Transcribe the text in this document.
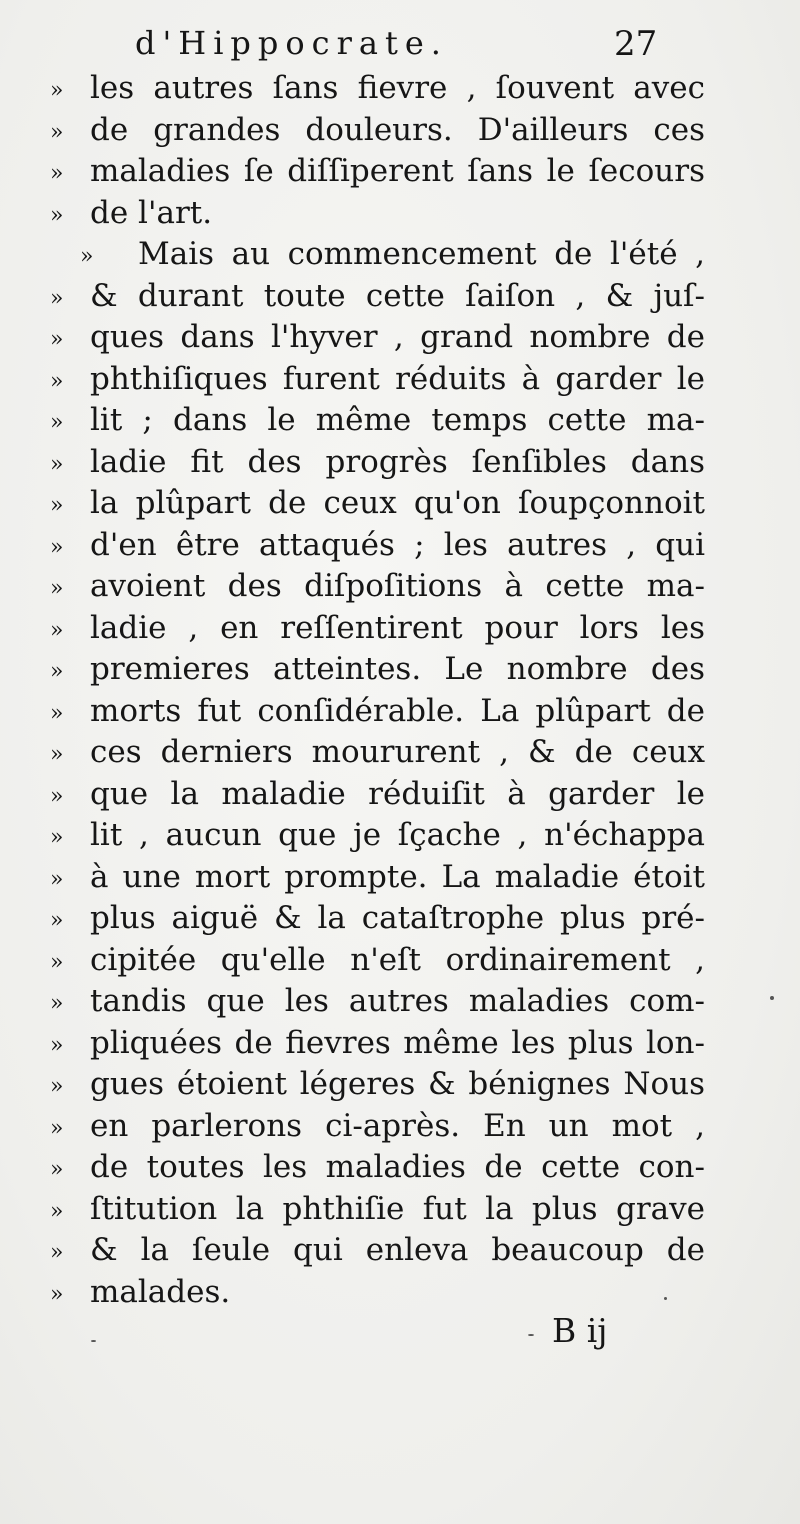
d'Hippocrate.	27
» les autres ſans fievre , ſouvent avec
» de grandes douleurs. D'ailleurs ces
» maladies ſe diſſiperent ſans le ſecours
» de l'art.
»	Mais au commencement de l'été ,
» & durant toute cette ſaiſon , & juſ-
» ques dans l'hyver , grand nombre de
» phthiſiques furent réduits à garder le
» lit ; dans le même temps cette ma-
» ladie fit des progrès ſenſibles dans
» la plûpart de ceux qu'on ſoupçonnoit
» d'en être attaqués ; les autres , qui
» avoient des diſpoſitions à cette ma-
» ladie , en reſſentirent pour lors les
» premieres atteintes. Le nombre des
» morts fut conſidérable. La plûpart de
» ces derniers moururent , & de ceux
» que la maladie réduiſit à garder le
» lit , aucun que je ſçache , n'échappa
» à une mort prompte. La maladie étoit
» plus aiguë & la cataſtrophe plus pré-
» cipitée qu'elle n'eſt ordinairement ,
» tandis que les autres maladies com-
» pliquées de fievres même les plus lon-
» gues étoient légeres & bénignes Nous
» en parlerons ci-après. En un mot ,
» de toutes les maladies de cette con-
» ſtitution la phthiſie fut la plus grave
» & la ſeule qui enleva beaucoup de
» malades.
B ij
